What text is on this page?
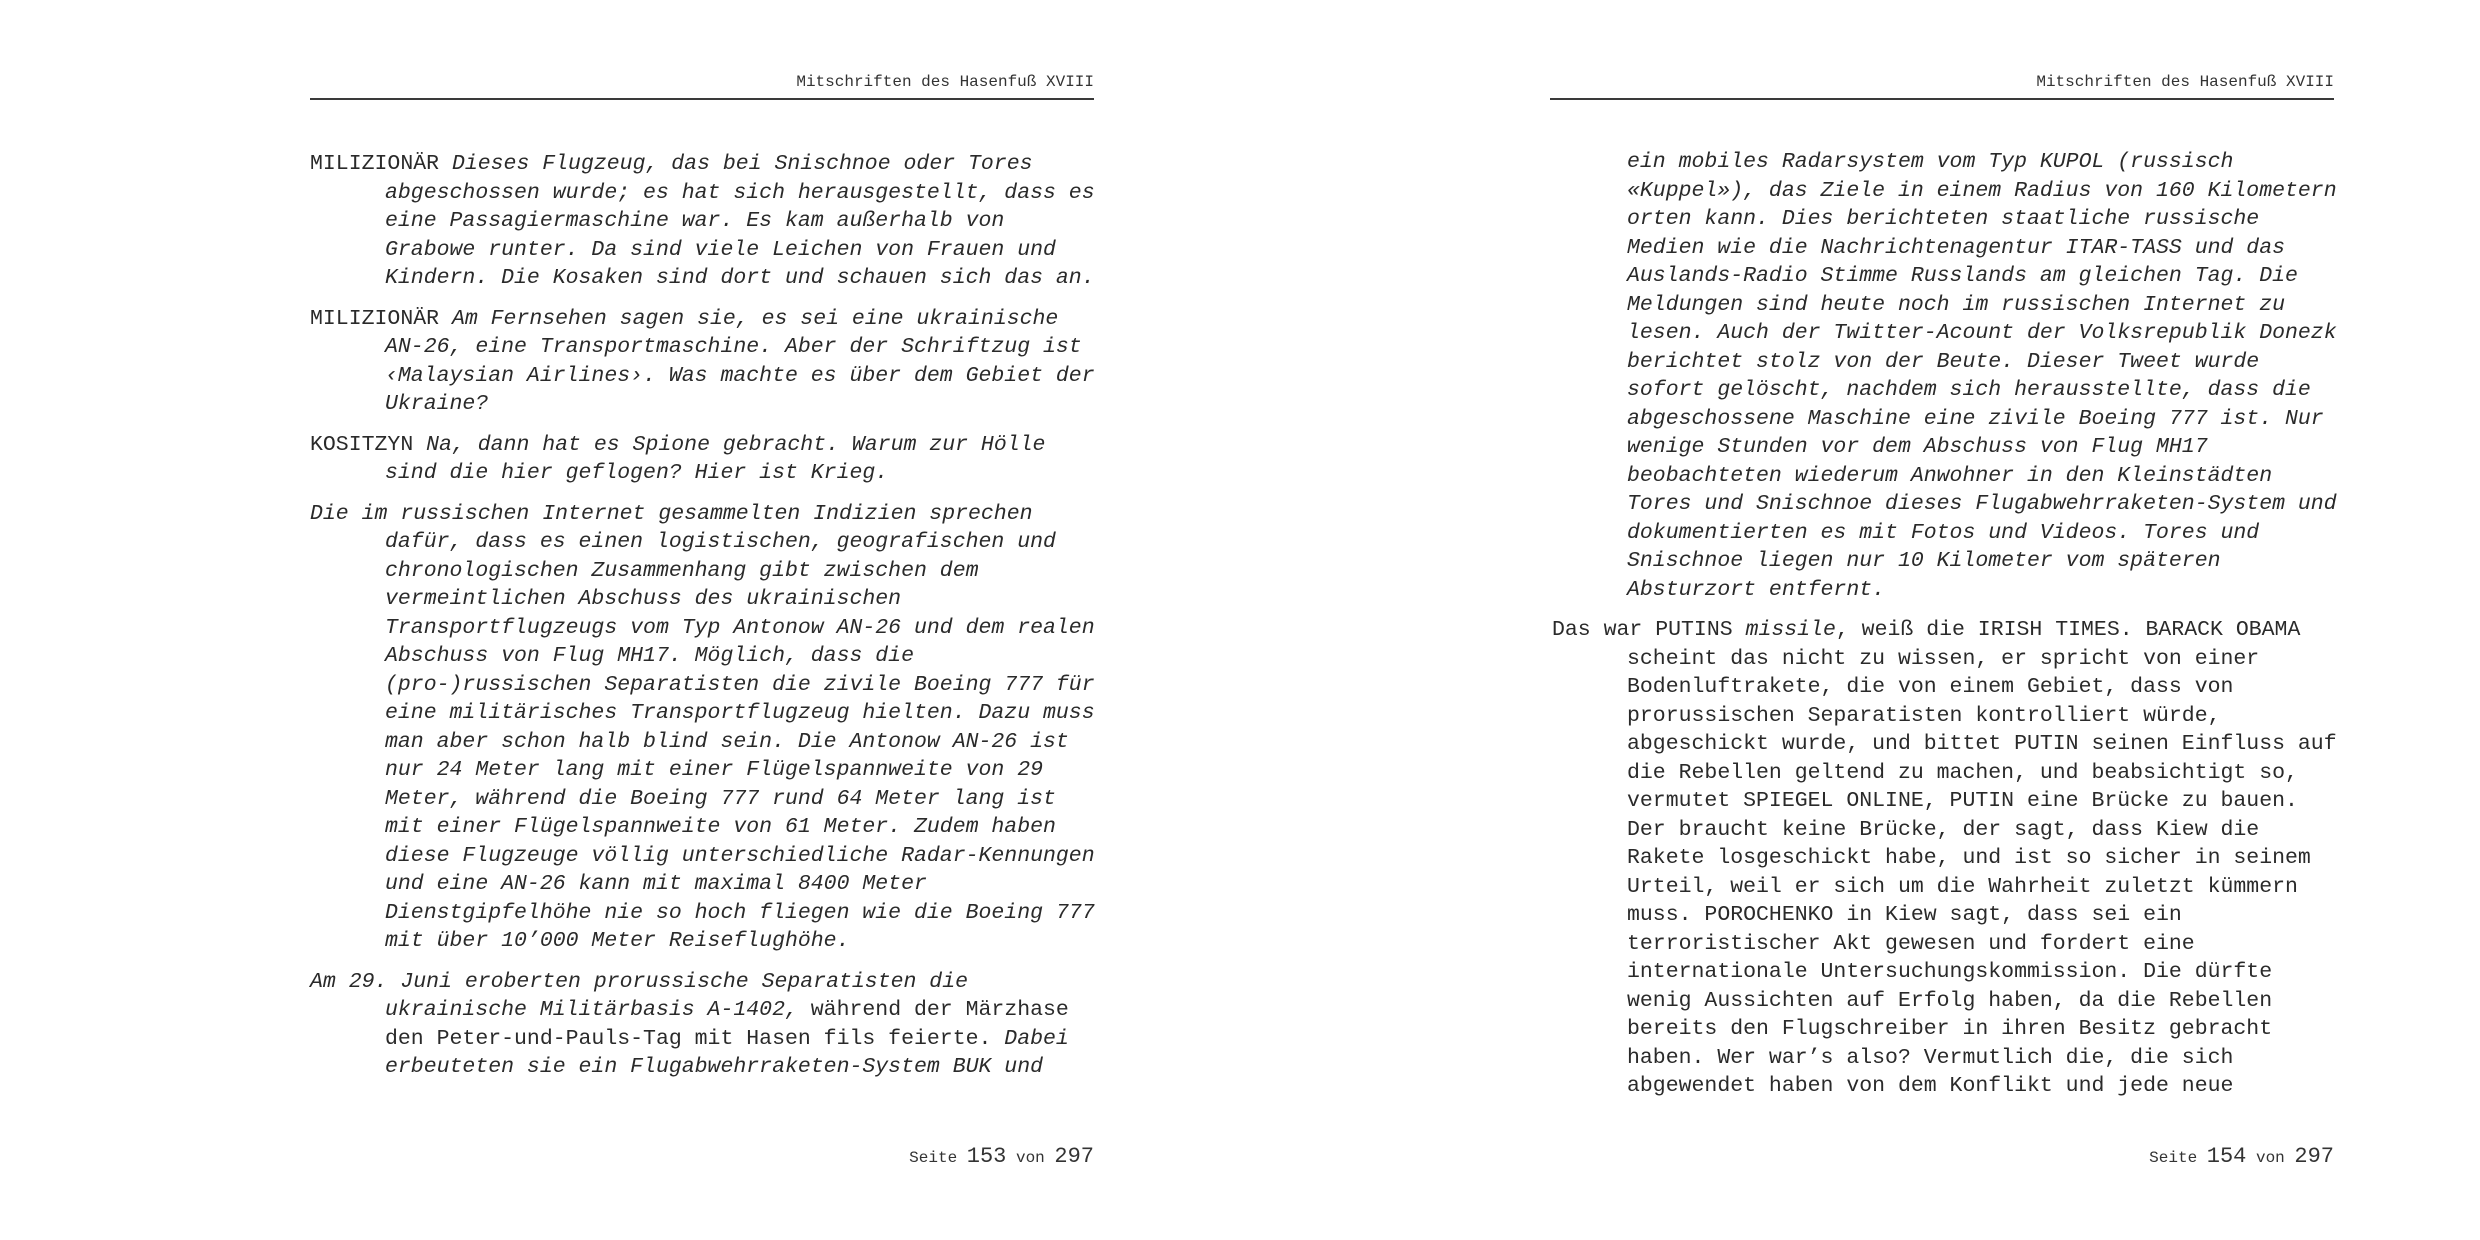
Mitschriften des Hasenfuß XVIII

MILIZIONÄR Dieses Flugzeug, das bei Snischnoe oder Tores abgeschossen wurde; es hat sich herausgestellt, dass es eine Passagiermaschine war. Es kam außerhalb von Grabowe runter. Da sind viele Leichen von Frauen und Kindern. Die Kosaken sind dort und schauen sich das an.

MILIZIONÄR Am Fernsehen sagen sie, es sei eine ukrainische AN-26, eine Transportmaschine. Aber der Schriftzug ist ‹Malaysian Airlines›. Was machte es über dem Gebiet der Ukraine?

KOSITZYN Na, dann hat es Spione gebracht. Warum zur Hölle sind die hier geflogen? Hier ist Krieg.

Die im russischen Internet gesammelten Indizien sprechen dafür, dass es einen logistischen, geografischen und chronologischen Zusammenhang gibt zwischen dem vermeintlichen Abschuss des ukrainischen Transportflugzeugs vom Typ Antonow AN-26 und dem realen Abschuss von Flug MH17. Möglich, dass die (pro-)russischen Separatisten die zivile Boeing 777 für eine militärisches Transportflugzeug hielten. Dazu muss man aber schon halb blind sein. Die Antonow AN-26 ist nur 24 Meter lang mit einer Flügelspannweite von 29 Meter, während die Boeing 777 rund 64 Meter lang ist mit einer Flügelspannweite von 61 Meter. Zudem haben diese Flugzeuge völlig unterschiedliche Radar-Kennungen und eine AN-26 kann mit maximal 8400 Meter Dienstgipfelhöhe nie so hoch fliegen wie die Boeing 777 mit über 10’000 Meter Reiseflughöhe.

Am 29. Juni eroberten prorussische Separatisten die ukrainische Militärbasis A-1402, während der Märzhase den Peter-und-Pauls-Tag mit Hasen fils feierte. Dabei erbeuteten sie ein Flugabwehrraketen-System BUK und

Seite 153 von 297
Mitschriften des Hasenfuß XVIII

ein mobiles Radarsystem vom Typ KUPOL (russisch «Kuppel»), das Ziele in einem Radius von 160 Kilometern orten kann. Dies berichteten staatliche russische Medien wie die Nachrichtenagentur ITAR-TASS und das Auslands-Radio Stimme Russlands am gleichen Tag. Die Meldungen sind heute noch im russischen Internet zu lesen. Auch der Twitter-Acount der Volksrepublik Donezk berichtet stolz von der Beute. Dieser Tweet wurde sofort gelöscht, nachdem sich herausstellte, dass die abgeschossene Maschine eine zivile Boeing 777 ist. Nur wenige Stunden vor dem Abschuss von Flug MH17 beobachteten wiederum Anwohner in den Kleinstädten Tores und Snischnoe dieses Flugabwehrraketen-System und dokumentierten es mit Fotos und Videos. Tores und Snischnoe liegen nur 10 Kilometer vom späteren Absturzort entfernt.

Das war PUTINS missile, weiß die IRISH TIMES. BARACK OBAMA scheint das nicht zu wissen, er spricht von einer Bodenluftrakete, die von einem Gebiet, dass von prorussischen Separatisten kontrolliert würde, abgeschickt wurde, und bittet PUTIN seinen Einfluss auf die Rebellen geltend zu machen, und beabsichtigt so, vermutet SPIEGEL ONLINE, PUTIN eine Brücke zu bauen. Der braucht keine Brücke, der sagt, dass Kiew die Rakete losgeschickt habe, und ist so sicher in seinem Urteil, weil er sich um die Wahrheit zuletzt kümmern muss. POROCHENKO in Kiew sagt, dass sei ein terroristischer Akt gewesen und fordert eine internationale Untersuchungskommission. Die dürfte wenig Aussichten auf Erfolg haben, da die Rebellen bereits den Flugschreiber in ihren Besitz gebracht haben. Wer war’s also? Vermutlich die, die sich abgewendet haben von dem Konflikt und jede neue

Seite 154 von 297
